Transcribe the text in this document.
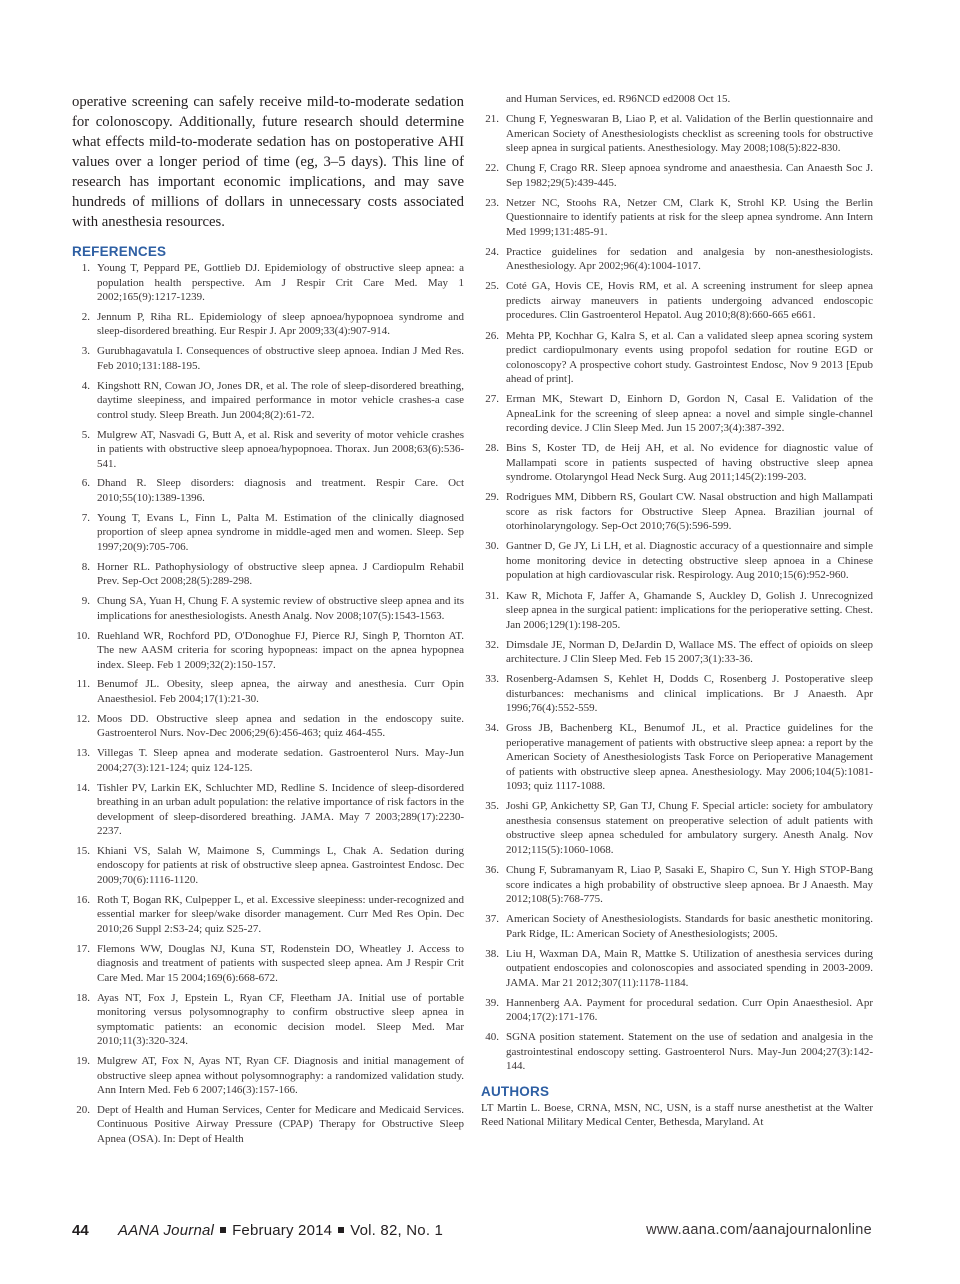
operative screening can safely receive mild-to-moderate sedation for colonoscopy. Additionally, future research should determine what effects mild-to-moderate sedation has on postoperative AHI values over a longer period of time (eg, 3–5 days). This line of research has important economic implications, and may save hundreds of millions of dollars in unnecessary costs associated with anesthesia resources.

REFERENCES
1 . Young T, Peppard PE, Gottlieb DJ. Epidemiology of obstructive sleep apnea: a population health perspective. Am J Respir Crit Care Med. May 1 2002;165(9):1217-1239.
2 . Jennum P, Riha RL. Epidemiology of sleep apnoea/hypopnoea syndrome and sleep-disordered breathing. Eur Respir J. Apr 2009;33(4):907-914.
3 . Gurubhagavatula I. Consequences of obstructive sleep apnoea. Indian J Med Res. Feb 2010;131:188-195.
4 . Kingshott RN, Cowan JO, Jones DR, et al. The role of sleep-disordered breathing, daytime sleepiness, and impaired performance in motor vehicle crashes-a case control study. Sleep Breath. Jun 2004;8(2):61-72.
5 . Mulgrew AT, Nasvadi G, Butt A, et al. Risk and severity of motor vehicle crashes in patients with obstructive sleep apnoea/hypopnoea. Thorax. Jun 2008;63(6):536-541.
6 . Dhand R. Sleep disorders: diagnosis and treatment. Respir Care. Oct 2010;55(10):1389-1396.
7 . Young T, Evans L, Finn L, Palta M. Estimation of the clinically diagnosed proportion of sleep apnea syndrome in middle-aged men and women. Sleep. Sep 1997;20(9):705-706.
8 . Horner RL. Pathophysiology of obstructive sleep apnea. J Cardiopulm Rehabil Prev. Sep-Oct 2008;28(5):289-298.
9 . Chung SA, Yuan H, Chung F. A systemic review of obstructive sleep apnea and its implications for anesthesiologists. Anesth Analg. Nov 2008;107(5):1543-1563.
10 . Ruehland WR, Rochford PD, O'Donoghue FJ, Pierce RJ, Singh P, Thornton AT. The new AASM criteria for scoring hypopneas: impact on the apnea hypopnea index. Sleep. Feb 1 2009;32(2):150-157.
11 . Benumof JL. Obesity, sleep apnea, the airway and anesthesia. Curr Opin Anaesthesiol. Feb 2004;17(1):21-30.
12 . Moos DD. Obstructive sleep apnea and sedation in the endoscopy suite. Gastroenterol Nurs. Nov-Dec 2006;29(6):456-463; quiz 464-455.
13 . Villegas T. Sleep apnea and moderate sedation. Gastroenterol Nurs. May-Jun 2004;27(3):121-124; quiz 124-125.
14 . Tishler PV, Larkin EK, Schluchter MD, Redline S. Incidence of sleep-disordered breathing in an urban adult population: the relative importance of risk factors in the development of sleep-disordered breathing. JAMA. May 7 2003;289(17):2230-2237.
15 . Khiani VS, Salah W, Maimone S, Cummings L, Chak A. Sedation during endoscopy for patients at risk of obstructive sleep apnea. Gastrointest Endosc. Dec 2009;70(6):1116-1120.
16 . Roth T, Bogan RK, Culpepper L, et al. Excessive sleepiness: under-recognized and essential marker for sleep/wake disorder management. Curr Med Res Opin. Dec 2010;26 Suppl 2:S3-24; quiz S25-27.
17 . Flemons WW, Douglas NJ, Kuna ST, Rodenstein DO, Wheatley J. Access to diagnosis and treatment of patients with suspected sleep apnea. Am J Respir Crit Care Med. Mar 15 2004;169(6):668-672.
18 . Ayas NT, Fox J, Epstein L, Ryan CF, Fleetham JA. Initial use of portable monitoring versus polysomnography to confirm obstructive sleep apnea in symptomatic patients: an economic decision model. Sleep Med. Mar 2010;11(3):320-324.
19 . Mulgrew AT, Fox N, Ayas NT, Ryan CF. Diagnosis and initial management of obstructive sleep apnea without polysomnography: a randomized validation study. Ann Intern Med. Feb 6 2007;146(3):157-166.
20 . Dept of Health and Human Services, Center for Medicare and Medicaid Services. Continuous Positive Airway Pressure (CPAP) Therapy for Obstructive Sleep Apnea (OSA). In: Dept of Health

and Human Services, ed. R96NCD ed2008 Oct 15.

21 . Chung F, Yegneswaran B, Liao P, et al. Validation of the Berlin questionnaire and American Society of Anesthesiologists checklist as screening tools for obstructive sleep apnea in surgical patients. Anesthesiology. May 2008;108(5):822-830.
22 . Chung F, Crago RR. Sleep apnoea syndrome and anaesthesia. Can Anaesth Soc J. Sep 1982;29(5):439-445.
23 . Netzer NC, Stoohs RA, Netzer CM, Clark K, Strohl KP. Using the Berlin Questionnaire to identify patients at risk for the sleep apnea syndrome. Ann Intern Med 1999;131:485-91.
24 . Practice guidelines for sedation and analgesia by non-anesthesiologists. Anesthesiology. Apr 2002;96(4):1004-1017.
25 . Coté GA, Hovis CE, Hovis RM, et al. A screening instrument for sleep apnea predicts airway maneuvers in patients undergoing advanced endoscopic procedures. Clin Gastroenterol Hepatol. Aug 2010;8(8):660-665 e661.
26 . Mehta PP, Kochhar G, Kalra S, et al. Can a validated sleep apnea scoring system predict cardiopulmonary events using propofol sedation for routine EGD or colonoscopy? A prospective cohort study. Gastrointest Endosc, Nov 9 2013 [Epub ahead of print].
27 . Erman MK, Stewart D, Einhorn D, Gordon N, Casal E. Validation of the ApneaLink for the screening of sleep apnea: a novel and simple single-channel recording device. J Clin Sleep Med. Jun 15 2007;3(4):387-392.
28 . Bins S, Koster TD, de Heij AH, et al. No evidence for diagnostic value of Mallampati score in patients suspected of having obstructive sleep apnea syndrome. Otolaryngol Head Neck Surg. Aug 2011;145(2):199-203.
29 . Rodrigues MM, Dibbern RS, Goulart CW. Nasal obstruction and high Mallampati score as risk factors for Obstructive Sleep Apnea. Brazilian journal of otorhinolaryngology. Sep-Oct 2010;76(5):596-599.
30 . Gantner D, Ge JY, Li LH, et al. Diagnostic accuracy of a questionnaire and simple home monitoring device in detecting obstructive sleep apnoea in a Chinese population at high cardiovascular risk. Respirology. Aug 2010;15(6):952-960.
31 . Kaw R, Michota F, Jaffer A, Ghamande S, Auckley D, Golish J. Unrecognized sleep apnea in the surgical patient: implications for the perioperative setting. Chest. Jan 2006;129(1):198-205.
32 . Dimsdale JE, Norman D, DeJardin D, Wallace MS. The effect of opioids on sleep architecture. J Clin Sleep Med. Feb 15 2007;3(1):33-36.
33 . Rosenberg-Adamsen S, Kehlet H, Dodds C, Rosenberg J. Postoperative sleep disturbances: mechanisms and clinical implications. Br J Anaesth. Apr 1996;76(4):552-559.
34 . Gross JB, Bachenberg KL, Benumof JL, et al. Practice guidelines for the perioperative management of patients with obstructive sleep apnea: a report by the American Society of Anesthesiologists Task Force on Perioperative Management of patients with obstructive sleep apnea. Anesthesiology. May 2006;104(5):1081-1093; quiz 1117-1088.
35 . Joshi GP, Ankichetty SP, Gan TJ, Chung F. Special article: society for ambulatory anesthesia consensus statement on preoperative selection of adult patients with obstructive sleep apnea scheduled for ambulatory surgery. Anesth Analg. Nov 2012;115(5):1060-1068.
36 . Chung F, Subramanyam R, Liao P, Sasaki E, Shapiro C, Sun Y. High STOP-Bang score indicates a high probability of obstructive sleep apnoea. Br J Anaesth. May 2012;108(5):768-775.
37 . American Society of Anesthesiologists. Standards for basic anesthetic monitoring. Park Ridge, IL: American Society of Anesthesiologists; 2005.
38 . Liu H, Waxman DA, Main R, Mattke S. Utilization of anesthesia services during outpatient endoscopies and colonoscopies and associated spending in 2003-2009. JAMA. Mar 21 2012;307(11):1178-1184.
39 . Hannenberg AA. Payment for procedural sedation. Curr Opin Anaesthesiol. Apr 2004;17(2):171-176.
40 . SGNA position statement. Statement on the use of sedation and analgesia in the gastrointestinal endoscopy setting. Gastroenterol Nurs. May-Jun 2004;27(3):142-144.
AUTHORS

LT Martin L. Boese, CRNA, MSN, NC, USN, is a staff nurse anesthetist at the Walter Reed National Military Medical Center, Bethesda, Maryland. At

44 AANA Journal February 2014 Vol. 82, No. 1	www.aana.com/aanajournalonline
